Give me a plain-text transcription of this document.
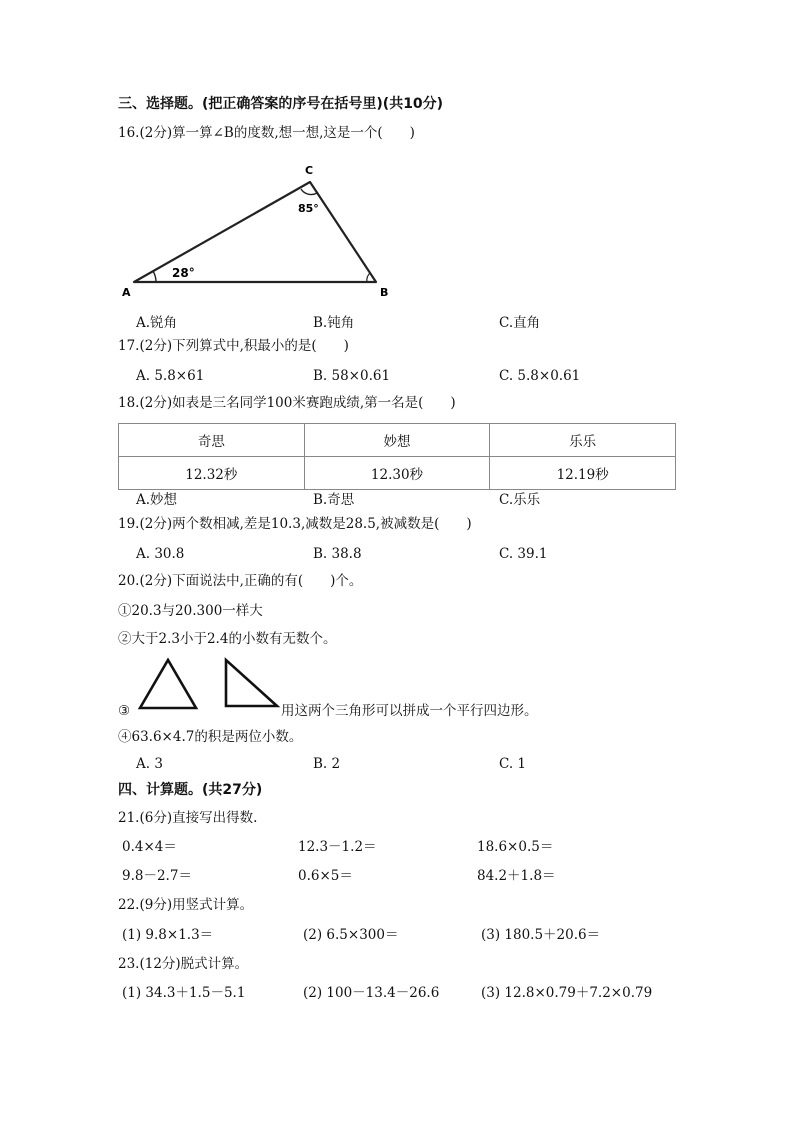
三、选择题。(把正确答案的序号在括号里)(共10分)
16.(2分)算一算∠B的度数,想一想,这是一个(　　)
C
A	B
28°
85°
A.锐角	B.钝角	C.直角
17.(2分)下列算式中,积最小的是(　　)
A. 5.8×61	B. 58×0.61	C. 5.8×0.61
18.(2分)如表是三名同学100米赛跑成绩,第一名是(　　)
奇思	妙想	乐乐
12.32秒	12.30秒	12.19秒
A.妙想	B.奇思	C.乐乐
19.(2分)两个数相减,差是10.3,减数是28.5,被减数是(　　)
A. 30.8	B. 38.8	C. 39.1
20.(2分)下面说法中,正确的有(　　)个。
①20.3与20.300一样大
②大于2.3小于2.4的小数有无数个。
③	用这两个三角形可以拼成一个平行四边形。
④63.6×4.7的积是两位小数。
A. 3	B. 2	C. 1
四、计算题。(共27分)
21.(6分)直接写出得数.
0.4×4＝	12.3－1.2＝	18.6×0.5＝
9.8－2.7＝	0.6×5＝	84.2＋1.8＝
22.(9分)用竖式计算。
(1) 9.8×1.3＝	(2) 6.5×300＝	(3) 180.5＋20.6＝
23.(12分)脱式计算。
(1) 34.3＋1.5－5.1	(2) 100－13.4－26.6	(3) 12.8×0.79＋7.2×0.79
